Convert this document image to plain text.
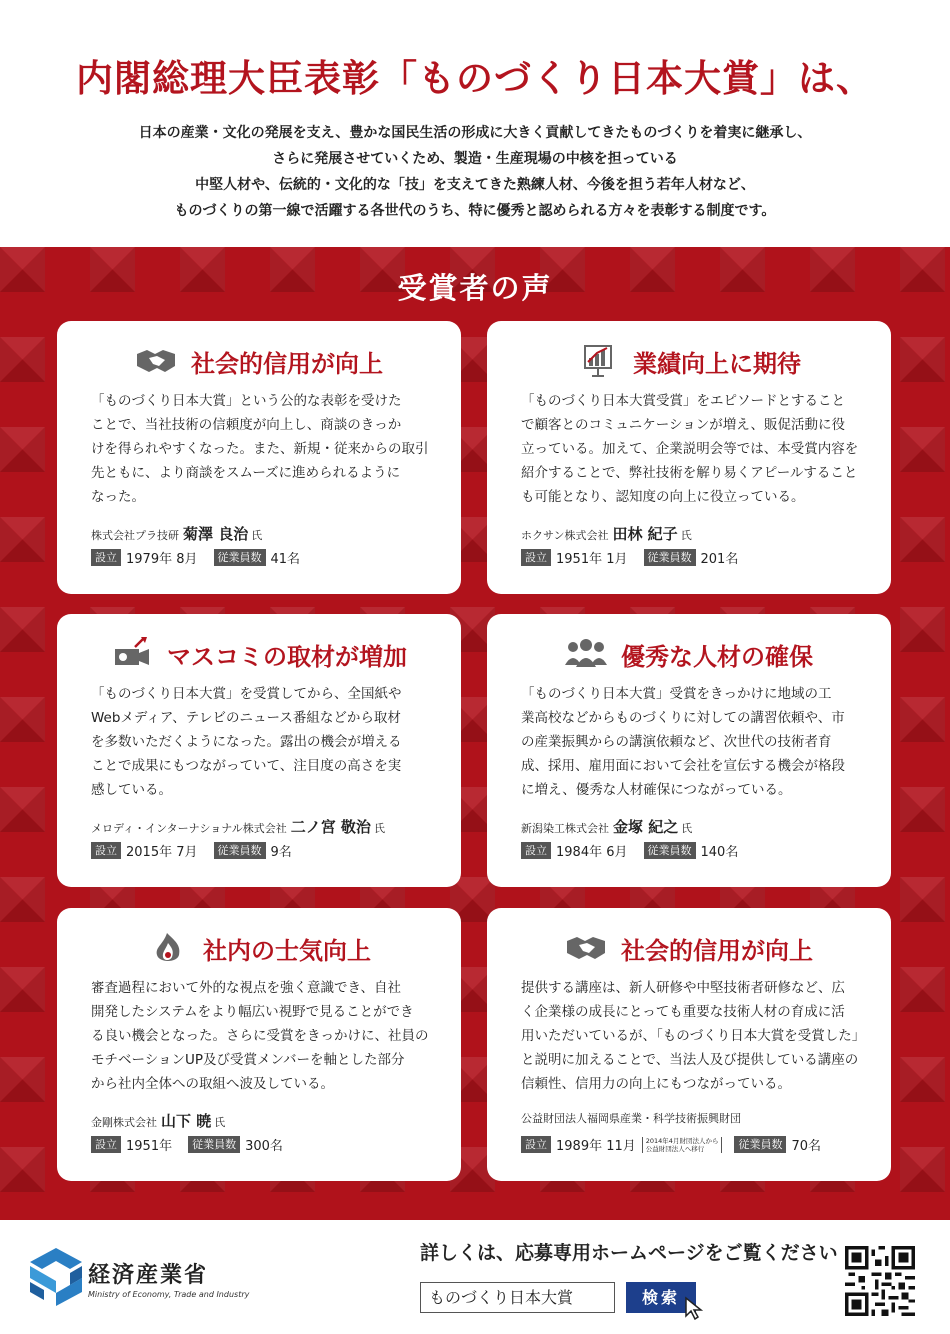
内閣総理大臣表彰「ものづくり日本大賞」は、
日本の産業・文化の発展を支え、豊かな国民生活の形成に大きく貢献してきたものづくりを着実に継承し、
さらに発展させていくため、製造・生産現場の中核を担っている
中堅人材や、伝統的・文化的な「技」を支えてきた熟練人材、今後を担う若年人材など、
ものづくりの第一線で活躍する各世代のうち、特に優秀と認められる方々を表彰する制度です。
受賞者の声
社会的信用が向上
「ものづくり日本大賞」という公的な表彰を受けた
ことで、当社技術の信頼度が向上し、商談のきっか
けを得られやすくなった。また、新規・従来からの取引
先ともに、より商談をスムーズに進められるように
なった。
株式会社プラ技研 菊澤 良治 氏
設立 1979年 8月	従業員数 41名
業績向上に期待
「ものづくり日本大賞受賞」をエピソードとすること
で顧客とのコミュニケーションが増え、販促活動に役
立っている。加えて、企業説明会等では、本受賞内容を
紹介することで、弊社技術を解り易くアピールすること
も可能となり、認知度の向上に役立っている。
ホクサン株式会社 田林 紀子 氏
設立 1951年 1月	従業員数 201名
マスコミの取材が増加
「ものづくり日本大賞」を受賞してから、全国紙や
Webメディア、テレビのニュース番組などから取材
を多数いただくようになった。露出の機会が増える
ことで成果にもつながっていて、注目度の高さを実
感している。
メロディ・インターナショナル株式会社 二ノ宮 敬治 氏
設立 2015年 7月	従業員数 9名
優秀な人材の確保
「ものづくり日本大賞」受賞をきっかけに地域の工
業高校などからものづくりに対しての講習依頼や、市
の産業振興からの講演依頼など、次世代の技術者育
成、採用、雇用面において会社を宣伝する機会が格段
に増え、優秀な人材確保につながっている。
新潟染工株式会社 金塚 紀之 氏
設立 1984年 6月	従業員数 140名
社内の士気向上
審査過程において外的な視点を強く意識でき、自社
開発したシステムをより幅広い視野で見ることができ
る良い機会となった。さらに受賞をきっかけに、社員の
モチベーションUP及び受賞メンバーを軸とした部分
から社内全体への取組へ波及している。
金剛株式会社 山下 暁 氏
設立 1951年	従業員数 300名
社会的信用が向上
提供する講座は、新人研修や中堅技術者研修など、広
く企業様の成長にとっても重要な技術人材の育成に活
用いただいているが、「ものづくり日本大賞を受賞した」
と説明に加えることで、当法人及び提供している講座の
信頼性、信用力の向上にもつながっている。
公益財団法人福岡県産業・科学技術振興財団
設立 1989年 11月 2014年4月財団法人から
公益財団法人へ移行	従業員数 70名
経済産業省
Ministry of Economy, Trade and Industry
詳しくは、応募専用ホームページをご覧ください
ものづくり日本大賞	検索
